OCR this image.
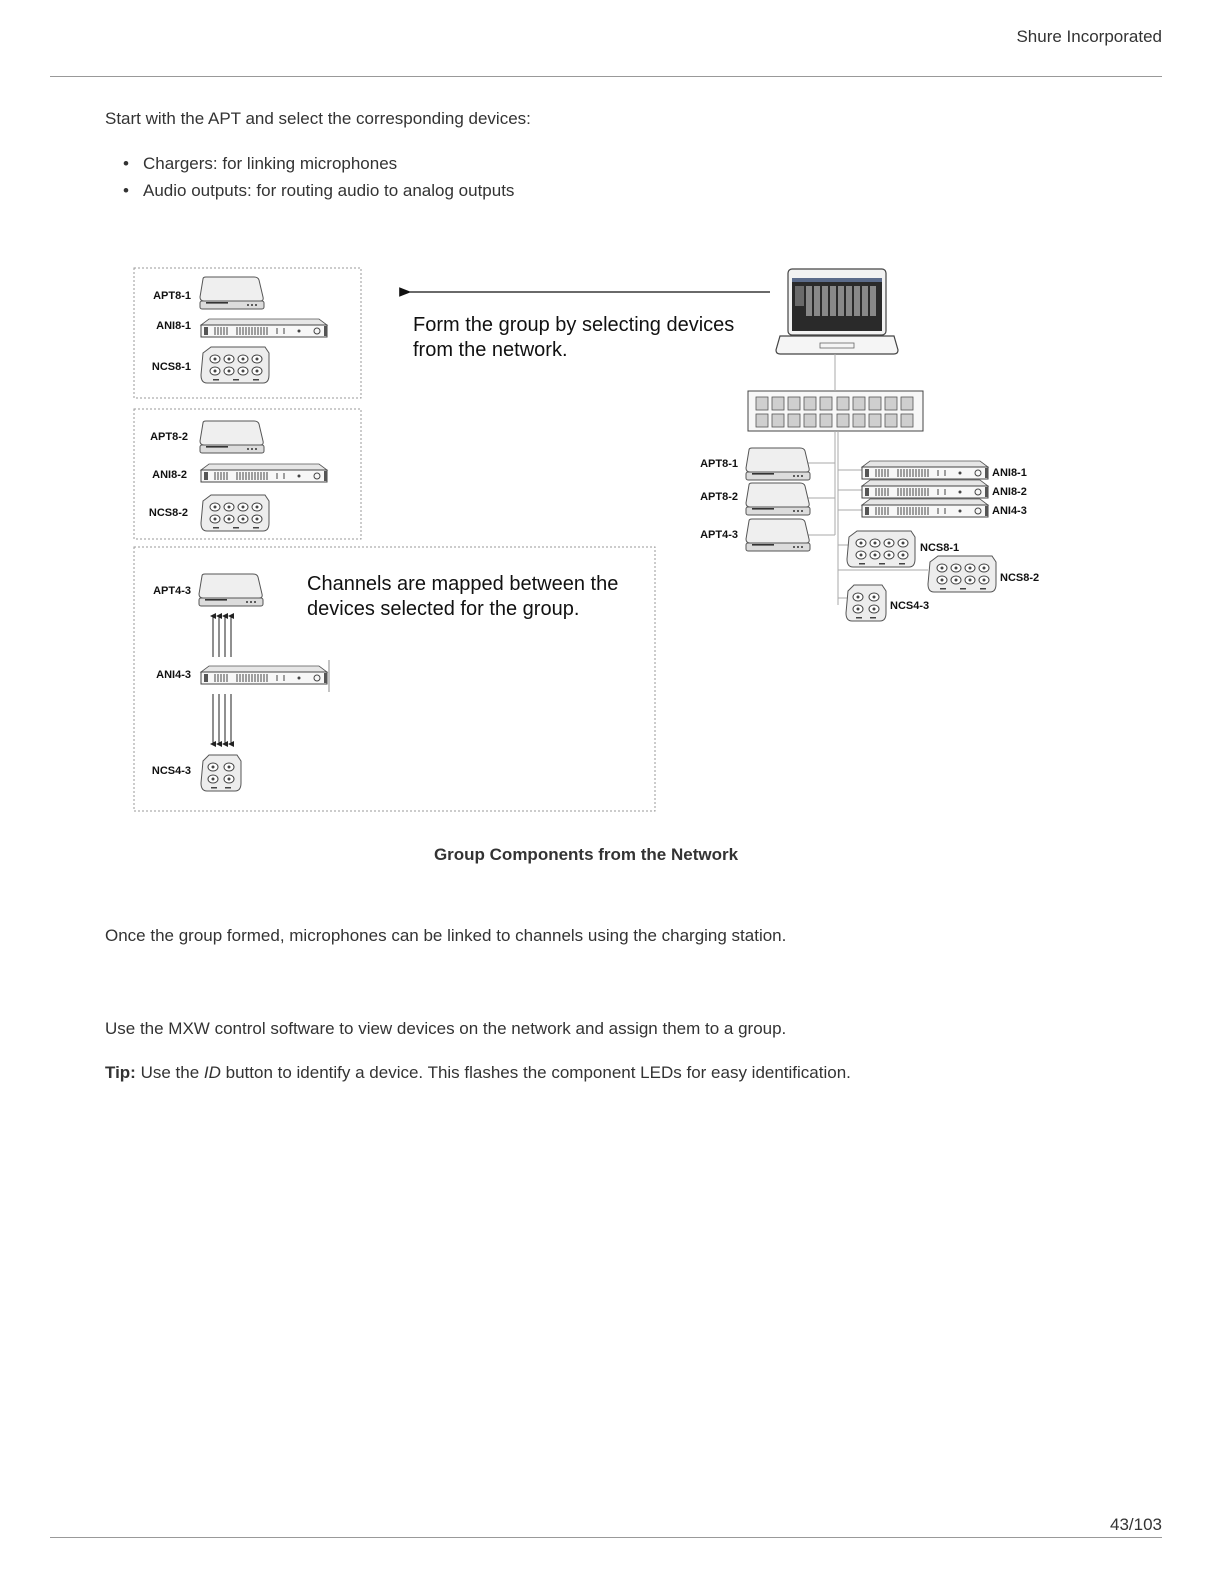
Shure Incorporated
Start with the APT and select the corresponding devices:
• Chargers: for linking microphones
• Audio outputs: for routing audio to analog outputs
APT8-1
ANI8-1
NCS8-1
APT8-2
ANI8-2
NCS8-2
APT4-3
ANI4-3
NCS4-3
Form the group by selecting devices
from the network.
Channels are mapped between the
devices selected for the group.
APT8-1
APT8-2
APT4-3
ANI8-1
ANI8-2
ANI4-3
NCS8-1
NCS8-2
NCS4-3
Group Components from the Network
Once the group formed, microphones can be linked to channels using the charging station.
Use the MXW control software to view devices on the network and assign them to a group.
Tip: Use the ID button to identify a device. This flashes the component LEDs for easy identification.
43/103
